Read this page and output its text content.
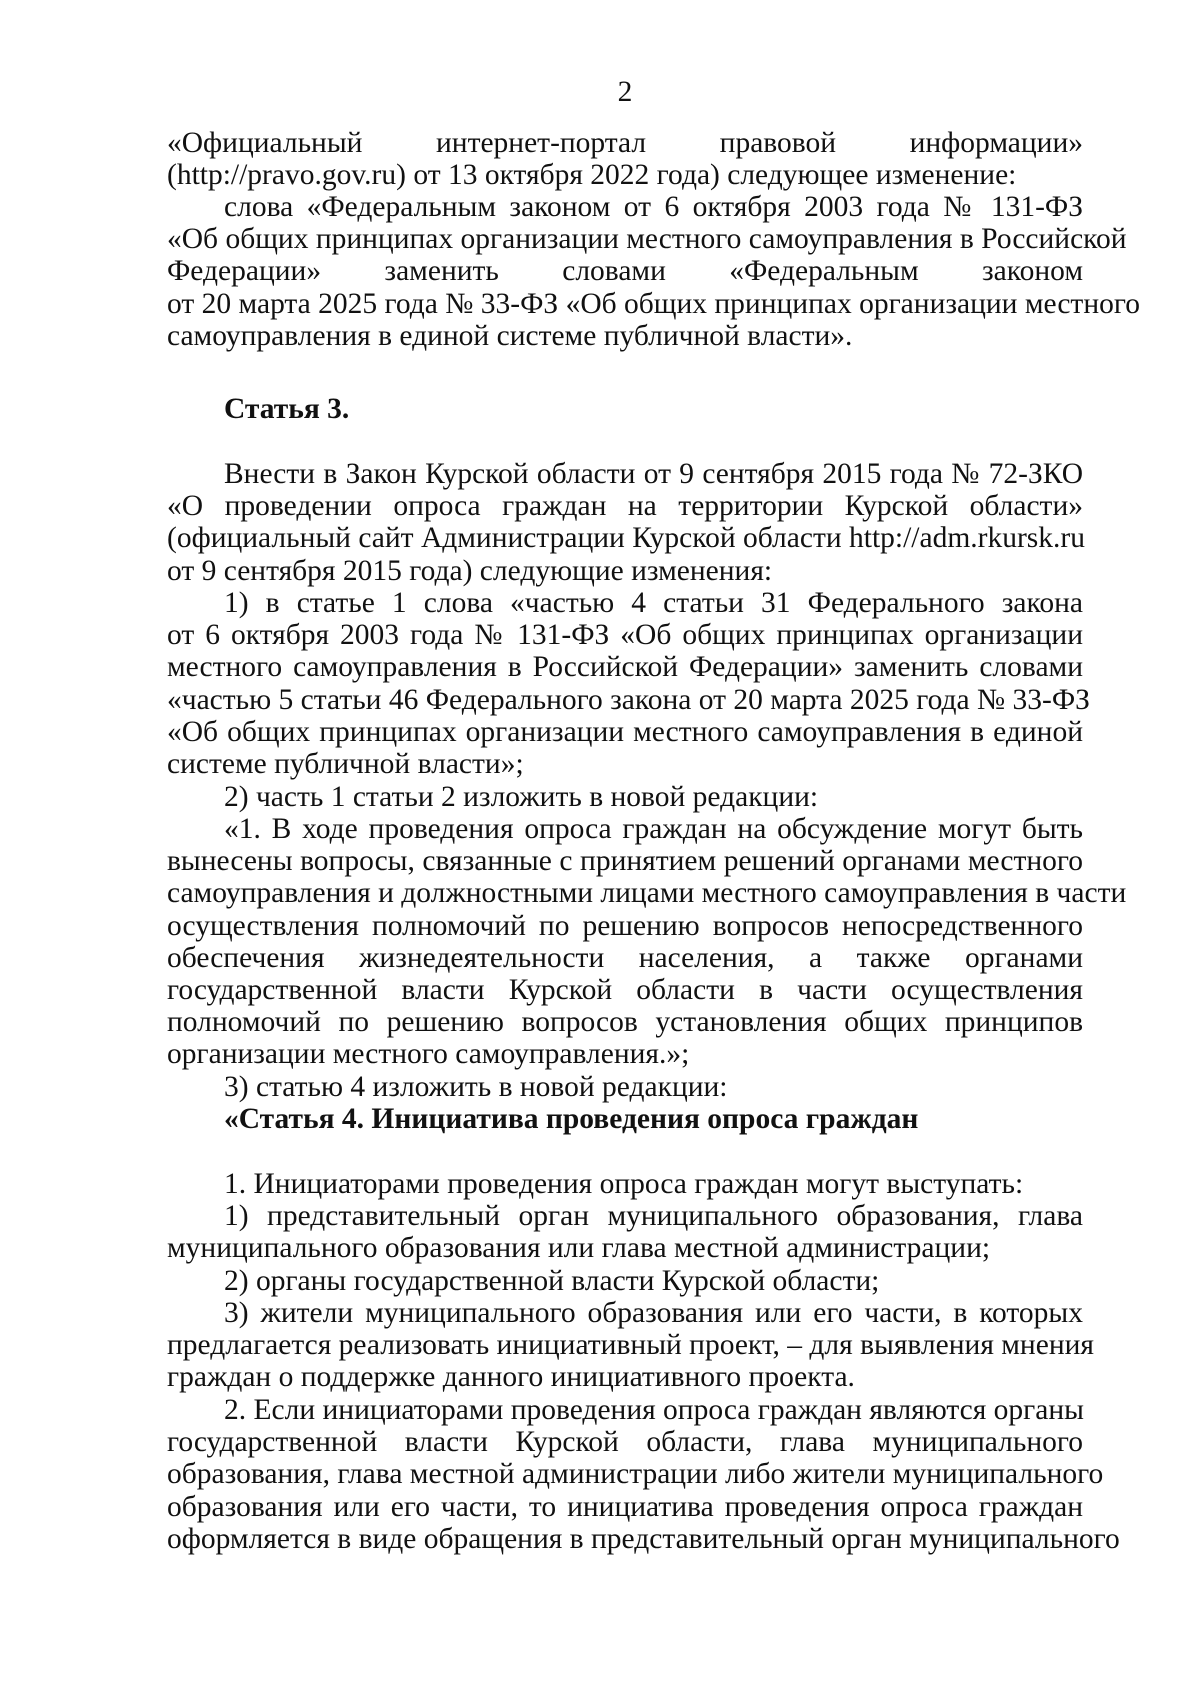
2
«Официальный интернет-портал правовой информации»
(http://pravo.gov.ru) от 13 октября 2022 года) следующее изменение:
слова «Федеральным законом от 6 октября 2003 года № 131-ФЗ
«Об общих принципах организации местного самоуправления в Российской
Федерации» заменить словами «Федеральным законом
от 20 марта 2025 года № 33-ФЗ «Об общих принципах организации местного
самоуправления в единой системе публичной власти».
Статья 3.
Внести в Закон Курской области от 9 сентября 2015 года № 72-ЗКО
«О проведении опроса граждан на территории Курской области»
(официальный сайт Администрации Курской области http://adm.rkursk.ru
от 9 сентября 2015 года) следующие изменения:
1) в статье 1 слова «частью 4 статьи 31 Федерального закона
от 6 октября 2003 года № 131-ФЗ «Об общих принципах организации
местного самоуправления в Российской Федерации» заменить словами
«частью 5 статьи 46 Федерального закона от 20 марта 2025 года № 33-ФЗ
«Об общих принципах организации местного самоуправления в единой
системе публичной власти»;
2) часть 1 статьи 2 изложить в новой редакции:
«1. В ходе проведения опроса граждан на обсуждение могут быть
вынесены вопросы, связанные с принятием решений органами местного
самоуправления и должностными лицами местного самоуправления в части
осуществления полномочий по решению вопросов непосредственного
обеспечения жизнедеятельности населения, а также органами
государственной власти Курской области в части осуществления
полномочий по решению вопросов установления общих принципов
организации местного самоуправления.»;
3) статью 4 изложить в новой редакции:
«Статья 4. Инициатива проведения опроса граждан
1. Инициаторами проведения опроса граждан могут выступать:
1) представительный орган муниципального образования, глава
муниципального образования или глава местной администрации;
2) органы государственной власти Курской области;
3) жители муниципального образования или его части, в которых
предлагается реализовать инициативный проект, – для выявления мнения
граждан о поддержке данного инициативного проекта.
2. Если инициаторами проведения опроса граждан являются органы
государственной власти Курской области, глава муниципального
образования, глава местной администрации либо жители муниципального
образования или его части, то инициатива проведения опроса граждан
оформляется в виде обращения в представительный орган муниципального
